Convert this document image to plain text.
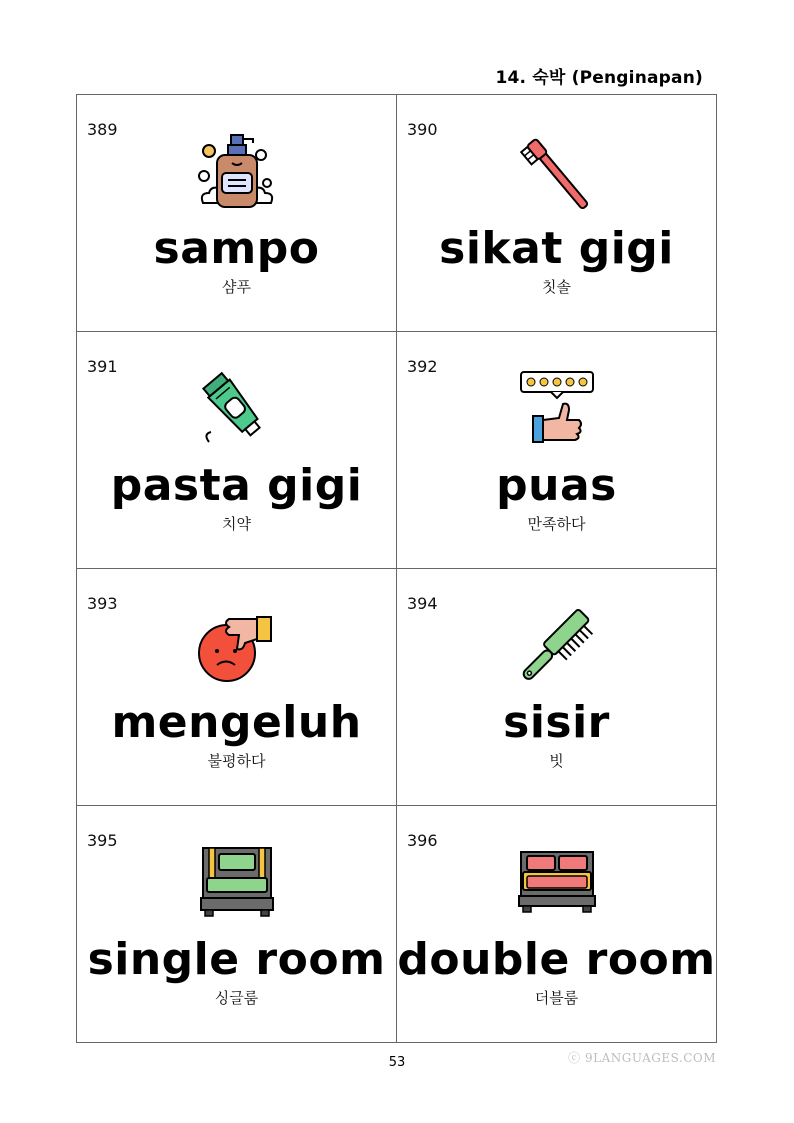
14. 숙박 (Penginapan)
389
sampo
샴푸
390
sikat gigi
칫솔
391
pasta gigi
치약
392
puas
만족하다
393
mengeluh
불평하다
394
sisir
빗
395
single room
싱글룸
396
double room
더블룸
53	ⓒ 9LANGUAGES.COM
